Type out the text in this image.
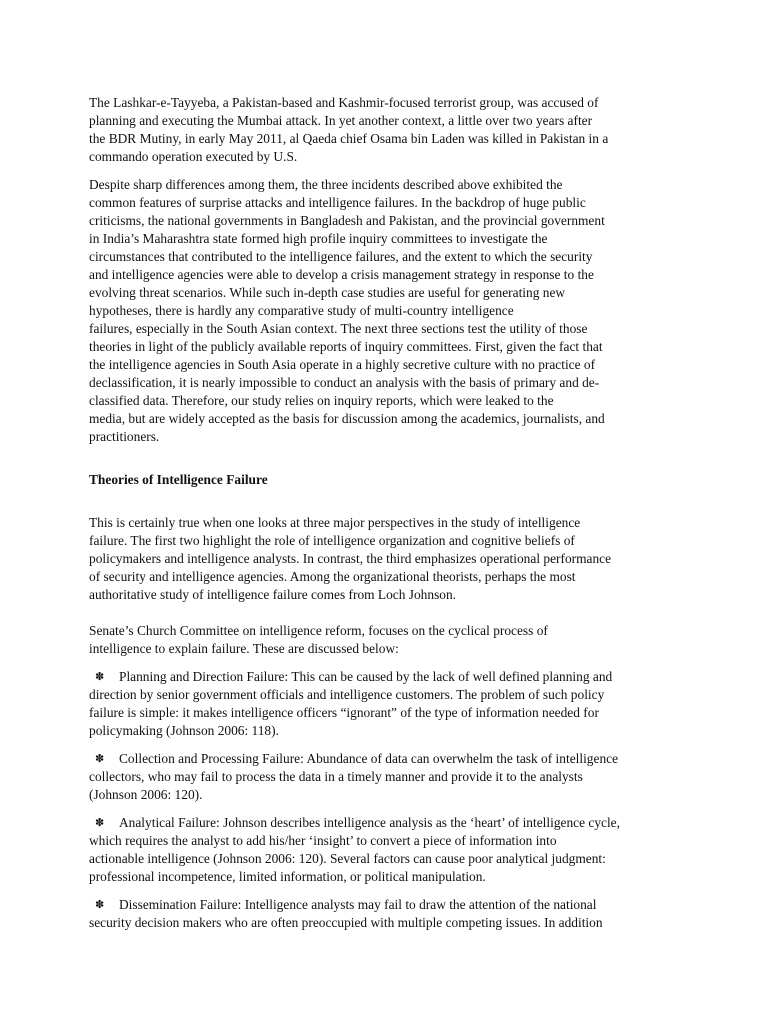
The Lashkar-e-Tayyeba, a Pakistan-based and Kashmir-focused terrorist group, was accused of
planning and executing the Mumbai attack. In yet another context, a little over two years after
the BDR Mutiny, in early May 2011, al Qaeda chief Osama bin Laden was killed in Pakistan in a
commando operation executed by U.S.

Despite sharp differences among them, the three incidents described above exhibited the
common features of surprise attacks and intelligence failures. In the backdrop of huge public
criticisms, the national governments in Bangladesh and Pakistan, and the provincial government
in India’s Maharashtra state formed high profile inquiry committees to investigate the
circumstances that contributed to the intelligence failures, and the extent to which the security
and intelligence agencies were able to develop a crisis management strategy in response to the
evolving threat scenarios. While such in-depth case studies are useful for generating new
hypotheses, there is hardly any comparative study of multi-country intelligence
failures, especially in the South Asian context. The next three sections test the utility of those
theories in light of the publicly available reports of inquiry committees. First, given the fact that
the intelligence agencies in South Asia operate in a highly secretive culture with no practice of
declassification, it is nearly impossible to conduct an analysis with the basis of primary and de-
classified data. Therefore, our study relies on inquiry reports, which were leaked to the
media, but are widely accepted as the basis for discussion among the academics, journalists, and
practitioners.

Theories of Intelligence Failure

This is certainly true when one looks at three major perspectives in the study of intelligence
failure. The first two highlight the role of intelligence organization and cognitive beliefs of
policymakers and intelligence analysts. In contrast, the third emphasizes operational performance
of security and intelligence agencies. Among the organizational theorists, perhaps the most
authoritative study of intelligence failure comes from Loch Johnson.

Senate’s Church Committee on intelligence reform, focuses on the cyclical process of
intelligence to explain failure. These are discussed below:

✽ Planning and Direction Failure: This can be caused by the lack of well defined planning and
direction by senior government officials and intelligence customers. The problem of such policy
failure is simple: it makes intelligence officers “ignorant” of the type of information needed for
policymaking (Johnson 2006: 118).

✽ Collection and Processing Failure: Abundance of data can overwhelm the task of intelligence
collectors, who may fail to process the data in a timely manner and provide it to the analysts
(Johnson 2006: 120).

✽ Analytical Failure: Johnson describes intelligence analysis as the ‘heart’ of intelligence cycle,
which requires the analyst to add his/her ‘insight’ to convert a piece of information into
actionable intelligence (Johnson 2006: 120). Several factors can cause poor analytical judgment:
professional incompetence, limited information, or political manipulation.

✽ Dissemination Failure: Intelligence analysts may fail to draw the attention of the national
security decision makers who are often preoccupied with multiple competing issues. In addition
